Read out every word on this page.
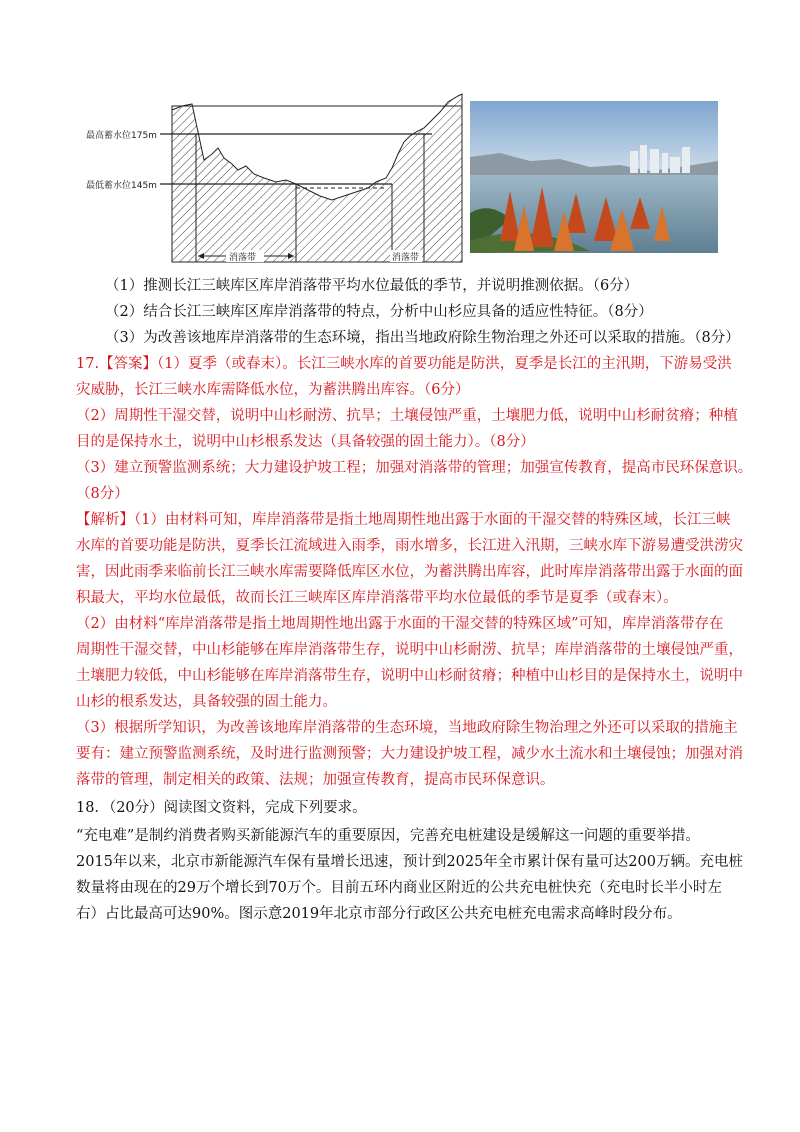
最高蓄水位175m
最低蓄水位145m
消落带	消落带
（1）推测长江三峡库区库岸消落带平均水位最低的季节，并说明推测依据。（6分）
（2）结合长江三峡库区库岸消落带的特点，分析中山杉应具备的适应性特征。（8分）
（3）为改善该地库岸消落带的生态环境，指出当地政府除生物治理之外还可以采取的措施。（8分）
17.【答案】（1）夏季（或春末）。长江三峡水库的首要功能是防洪，夏季是长江的主汛期，下游易受洪
灾威胁，长江三峡水库需降低水位，为蓄洪腾出库容。（6分）
（2）周期性干湿交替，说明中山杉耐涝、抗旱；土壤侵蚀严重，土壤肥力低，说明中山杉耐贫瘠；种植
目的是保持水土，说明中山杉根系发达（具备较强的固土能力）。（8分）
（3）建立预警监测系统；大力建设护坡工程；加强对消落带的管理；加强宣传教育，提高市民环保意识。
（8分）
【解析】（1）由材料可知，库岸消落带是指土地周期性地出露于水面的干湿交替的特殊区域，长江三峡
水库的首要功能是防洪，夏季长江流域进入雨季，雨水增多，长江进入汛期，三峡水库下游易遭受洪涝灾
害，因此雨季来临前长江三峡水库需要降低库区水位，为蓄洪腾出库容，此时库岸消落带出露于水面的面
积最大，平均水位最低，故而长江三峡库区库岸消落带平均水位最低的季节是夏季（或春末）。
（2）由材料“库岸消落带是指土地周期性地出露于水面的干湿交替的特殊区域”可知，库岸消落带存在
周期性干湿交替，中山杉能够在库岸消落带生存，说明中山杉耐涝、抗旱；库岸消落带的土壤侵蚀严重，
土壤肥力较低，中山杉能够在库岸消落带生存，说明中山杉耐贫瘠；种植中山杉目的是保持水土，说明中
山杉的根系发达，具备较强的固土能力。
（3）根据所学知识，为改善该地库岸消落带的生态环境，当地政府除生物治理之外还可以采取的措施主
要有：建立预警监测系统，及时进行监测预警；大力建设护坡工程，减少水土流水和土壤侵蚀；加强对消
落带的管理，制定相关的政策、法规；加强宣传教育，提高市民环保意识。
18．（20分）阅读图文资料，完成下列要求。
“充电难”是制约消费者购买新能源汽车的重要原因，完善充电桩建设是缓解这一问题的重要举措。
2015年以来，北京市新能源汽车保有量增长迅速，预计到2025年全市累计保有量可达200万辆。充电桩
数量将由现在的29万个增长到70万个。目前五环内商业区附近的公共充电桩快充（充电时长半小时左
右）占比最高可达90%。图示意2019年北京市部分行政区公共充电桩充电需求高峰时段分布。
